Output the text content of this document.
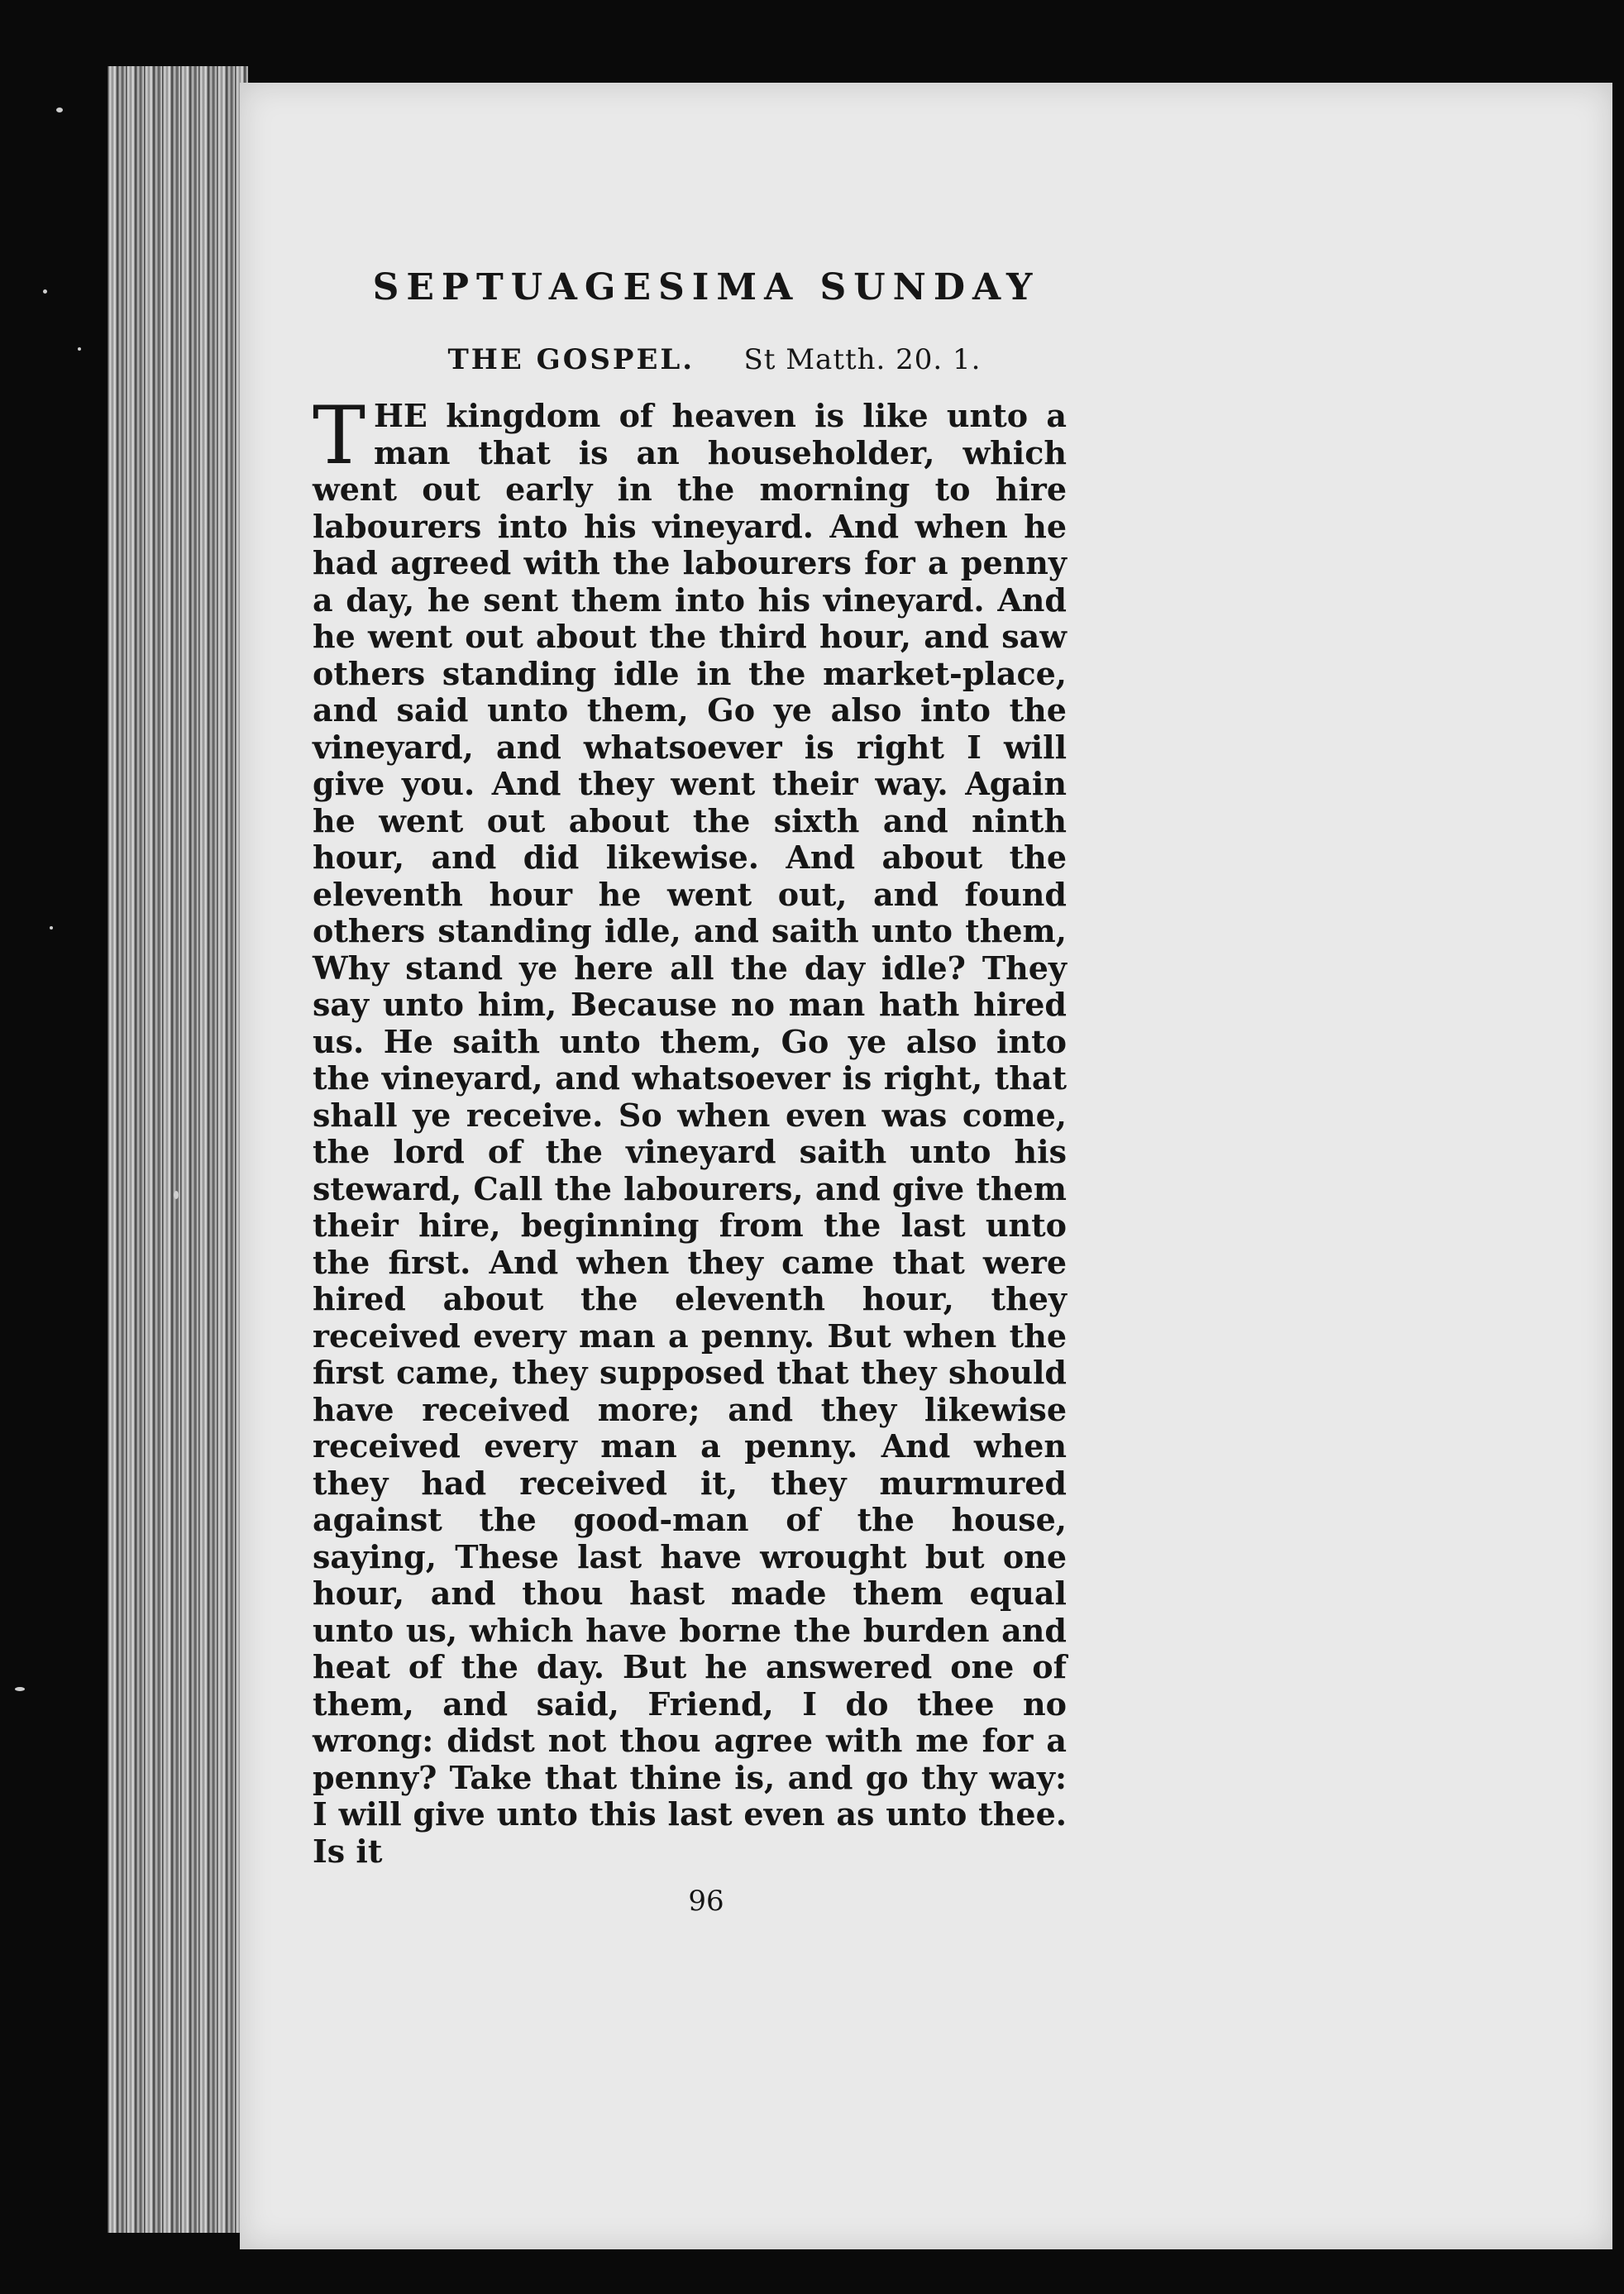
SEPTUAGESIMA SUNDAY
THE GOSPEL. St Matth. 20. 1.
T HE kingdom of heaven is like unto a man that is an householder, which went out early in the morning to hire labourers into his vineyard. And when he had agreed with the labourers for a penny a day, he sent them into his vineyard. And he went out about the third hour, and saw others standing idle in the market-place, and said unto them, Go ye also into the vineyard, and whatsoever is right I will give you. And they went their way. Again he went out about the sixth and ninth hour, and did likewise. And about the eleventh hour he went out, and found others standing idle, and saith unto them, Why stand ye here all the day idle? They say unto him, Because no man hath hired us. He saith unto them, Go ye also into the vineyard, and whatsoever is right, that shall ye receive. So when even was come, the lord of the vineyard saith unto his steward, Call the labourers, and give them their hire, beginning from the last unto the first. And when they came that were hired about the eleventh hour, they received every man a penny. But when the first came, they supposed that they should have received more; and they likewise received every man a penny. And when they had received it, they murmured against the good-man of the house, saying, These last have wrought but one hour, and thou hast made them equal unto us, which have borne the burden and heat of the day. But he answered one of them, and said, Friend, I do thee no wrong: didst not thou agree with me for a penny? Take that thine is, and go thy way: I will give unto this last even as unto thee. Is it
96
